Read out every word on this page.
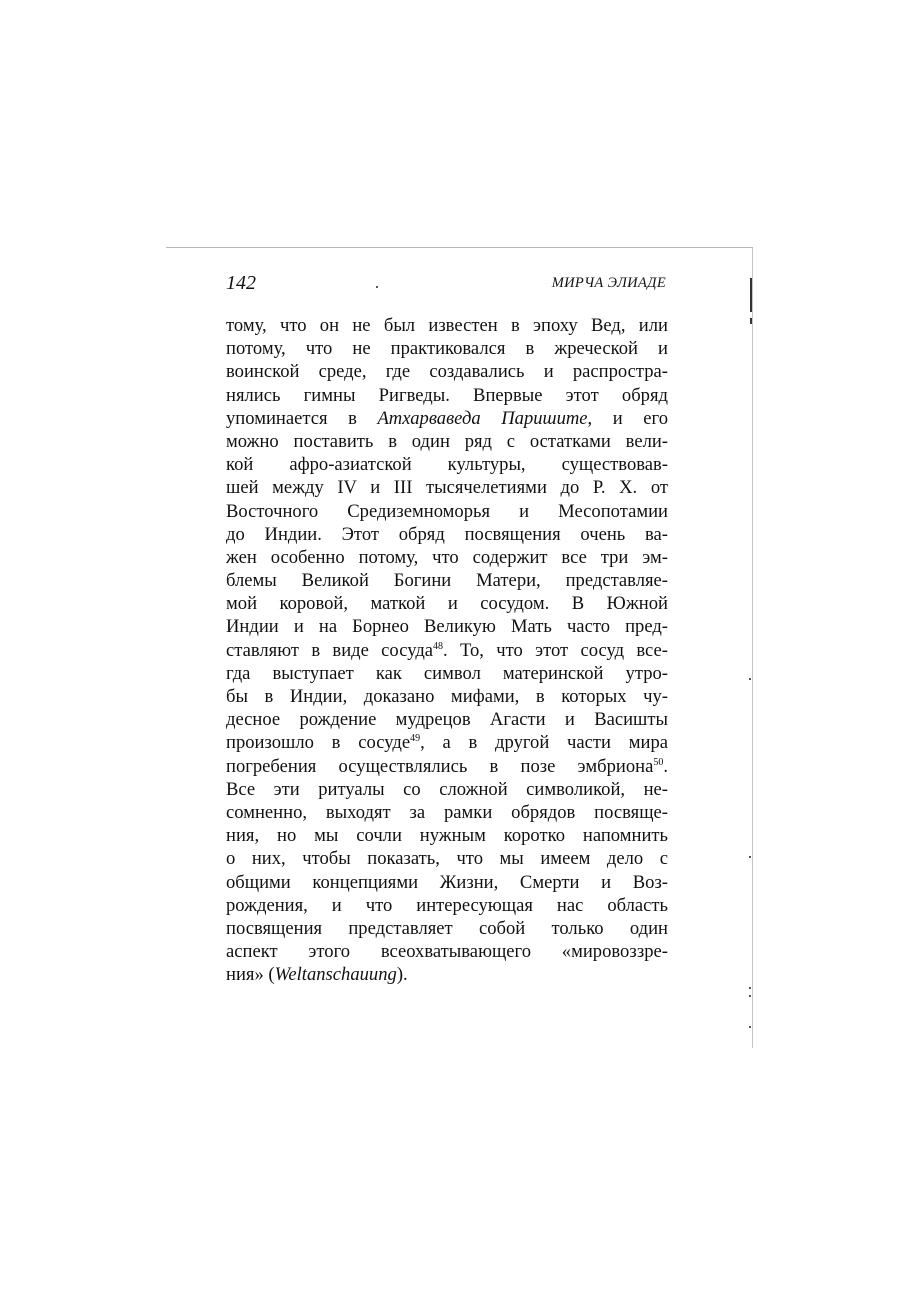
142	МИРЧА ЭЛИАДЕ
тому, что он не был известен в эпоху Вед, или
потому, что не практиковался в жреческой и
воинской среде, где создавались и распростра-
нялись гимны Ригведы. Впервые этот обряд
упоминается в Атхарваведа Паришите, и его
можно поставить в один ряд с остатками вели-
кой афро-азиатской культуры, существовав-
шей между IV и III тысячелетиями до Р. Х. от
Восточного Средиземноморья и Месопотамии
до Индии. Этот обряд посвящения очень ва-
жен особенно потому, что содержит все три эм-
блемы Великой Богини Матери, представляе-
мой коровой, маткой и сосудом. В Южной
Индии и на Борнео Великую Мать часто пред-
ставляют в виде сосуда$^{48}$. То, что этот сосуд все-
гда выступает как символ материнской утро-
бы в Индии, доказано мифами, в которых чу-
десное рождение мудрецов Агасти и Васишты
произошло в сосуде$^{49}$, а в другой части мира
погребения осуществлялись в позе эмбриона$^{50}$.
Все эти ритуалы со сложной символикой, не-
сомненно, выходят за рамки обрядов посвяще-
ния, но мы сочли нужным коротко напомнить
о них, чтобы показать, что мы имеем дело с
общими концепциями Жизни, Смерти и Воз-
рождения, и что интересующая нас область
посвящения представляет собой только один
аспект этого всеохватывающего «мировоззре-
ния» (Weltanschauung).
